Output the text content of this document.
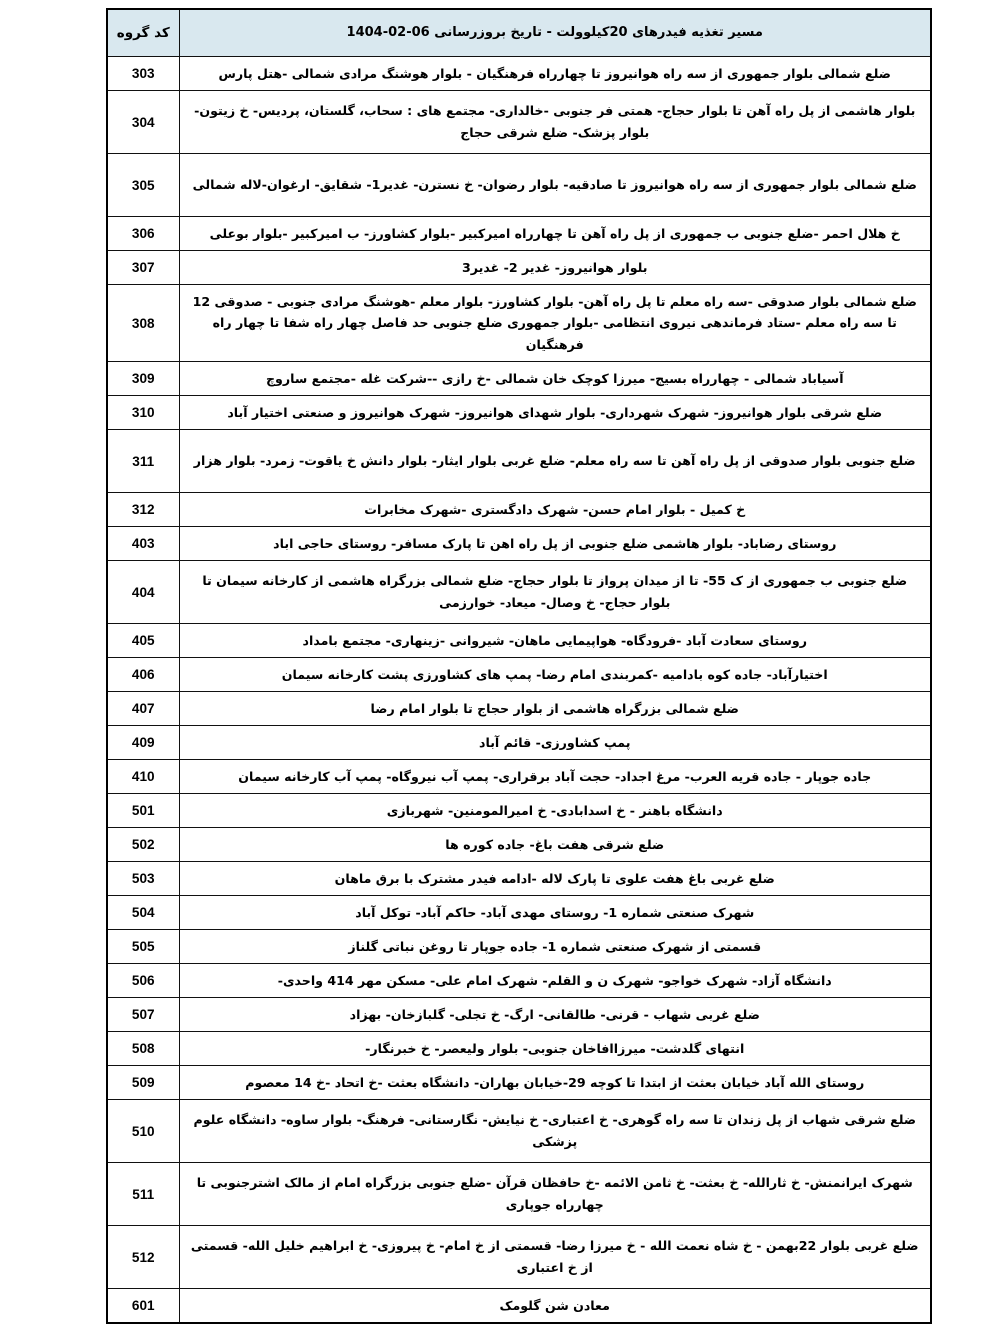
مسیر تغذیه فیدرهای 20کیلوولت - تاریخ بروزرسانی 06-02-1404	کد گروه
ضلع شمالی بلوار جمهوری از سه راه هوانیروز تا چهارراه فرهنگیان - بلوار هوشنگ مرادی شمالی -هتل پارس	303
بلوار هاشمی از پل راه آهن تا بلوار حجاج- همتی فر جنوبی -خالداری- مجتمع های : سحاب، گلستان، پردیس- خ زیتون- بلوار پزشک- ضلع شرقی حجاج	304
ضلع شمالی بلوار جمهوری از سه راه هوانیروز تا صادقیه- بلوار رضوان- خ نسترن- غدیر1- شقایق- ارغوان-لاله شمالی	305
خ هلال احمر -ضلع جنوبی ب جمهوری از پل راه آهن تا چهارراه امیرکبیر -بلوار کشاورز- ب امیرکبیر -بلوار بوعلی	306
بلوار هوانیروز- غدیر 2- غدیر3	307
ضلع شمالی بلوار صدوقی -سه راه معلم تا پل راه آهن- بلوار کشاورز- بلوار معلم -هوشنگ مرادی جنوبی - صدوقی 12 تا سه راه معلم -ستاد فرماندهی نیروی انتظامی -بلوار جمهوری ضلع جنوبی حد فاصل چهار راه شفا تا چهار راه فرهنگیان	308
آسیاباد شمالی - چهارراه بسیج- میرزا کوچک خان شمالی -خ رازی --شرکت غله -مجتمع ساروچ	309
ضلع شرقی بلوار هوانیروز- شهرک شهرداری- بلوار شهدای هوانیروز- شهرک هوانیروز و صنعتی اختیار آباد	310
ضلع جنوبی بلوار صدوقی از پل راه آهن تا سه راه معلم- ضلع غربی بلوار ایثار- بلوار دانش خ یاقوت- زمرد- بلوار هزار	311
خ کمیل - بلوار امام حسن- شهرک دادگستری -شهرک مخابرات	312
روستای رضاباد- بلوار هاشمی ضلع جنوبی از پل راه اهن تا پارک مسافر- روستای حاجی اباد	403
ضلع جنوبی ب جمهوری از ک 55- تا از میدان پرواز تا بلوار حجاج- ضلع شمالی بزرگراه هاشمی از کارخانه سیمان تا بلوار حجاج- خ وصال- میعاد- خوارزمی	404
روستای سعادت آباد -فرودگاه- هواپیمایی ماهان- شیروانی -زینهاری- مجتمع بامداد	405
اختیارآباد- جاده کوه بادامیه -کمربندی امام رضا- پمپ های کشاورزی پشت کارخانه سیمان	406
ضلع شمالی بزرگراه هاشمی از بلوار حجاج تا بلوار امام رضا	407
پمپ کشاورزی- قائم آباد	409
جاده جوپار - جاده قریه العرب- مرغ اجداد- حجت آباد برقراری- پمپ آب نیروگاه- پمپ آب کارخانه سیمان	410
دانشگاه باهنر - خ اسدابادی- خ امیرالمومنین- شهربازی	501
ضلع شرقی هفت باغ- جاده کوره ها	502
ضلع غربی باغ هفت علوی تا پارک لاله -ادامه فیدر مشترک با برق ماهان	503
شهرک صنعتی شماره 1- روستای مهدی آباد- حاکم آباد- توکل آباد	504
قسمتی از شهرک صنعتی شماره 1- جاده جوپار تا روغن نباتی گلناز	505
دانشگاه آزاد- شهرک خواجو- شهرک ن و القلم- شهرک امام علی- مسکن مهر 414 واحدی-	506
ضلع غربی شهاب - قرنی- طالقانی- ارگ- خ تجلی- گلبازخان- بهزاد	507
انتهای گلدشت- میرزاافاخان جنوبی- بلوار ولیعصر- خ خبرنگار-	508
روستای الله آباد خیابان بعثت از ابتدا تا کوچه 29-خیابان بهاران- دانشگاه بعثت -خ اتحاد -خ 14 معصوم	509
ضلع شرقی شهاب از پل زندان تا سه راه گوهری- خ اعتباری- خ نیایش- نگارستانی- فرهنگ- بلوار ساوه- دانشگاه علوم پزشکی	510
شهرک ایرانمنش- خ ثارالله- خ بعثت- خ ثامن الائمه -خ حافظان قرآن -ضلع جنوبی بزرگراه امام از مالک اشترجنوبی تا چهارراه جوپاری	511
ضلع غربی بلوار 22بهمن - خ شاه نعمت الله - خ میرزا رضا- قسمتی از خ امام- خ پیروزی- خ ابراهیم خلیل الله- قسمتی از خ اعتباری	512
معادن شن گلومک	601
